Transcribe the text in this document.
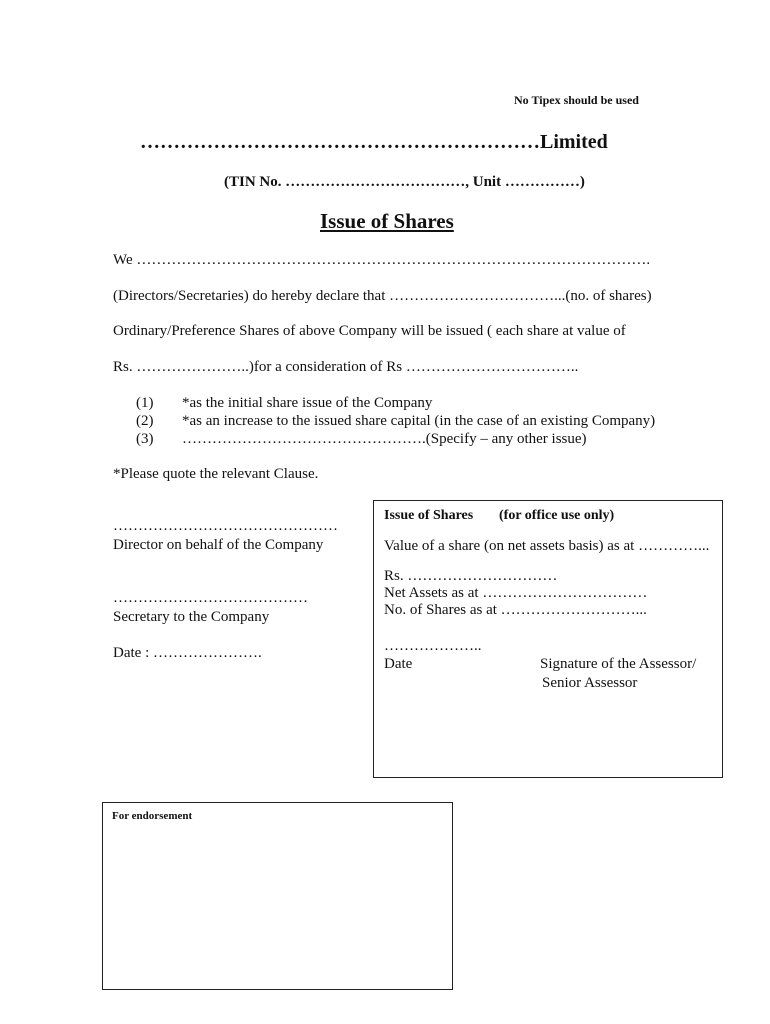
No Tipex should be used
……………………………………………………Limited
(TIN No. ………………………………, Unit ……………)
Issue of Shares
We ………………………………………………………………………………………….
(Directors/Secretaries) do hereby declare that ……………………………...(no. of shares)
Ordinary/Preference Shares of above Company will be issued ( each share at value of
Rs. …………………..)for a consideration of Rs ……………………………..
(1) *as the initial share issue of the Company
(2) *as an increase to the issued share capital (in the case of an existing Company)
(3) ………………………………………….(Specify – any other issue)
*Please quote the relevant Clause.
………………………………………
Director on behalf of the Company
…………………………………
Secretary to the Company
Date : ………………….
Issue of Shares (for office use only)
Value of a share (on net assets basis) as at …………...
Rs. …………………………
Net Assets as at ……………………………
No. of Shares as at ………………………...
………………..
Date	Signature of the Assessor/
Senior Assessor
For endorsement
